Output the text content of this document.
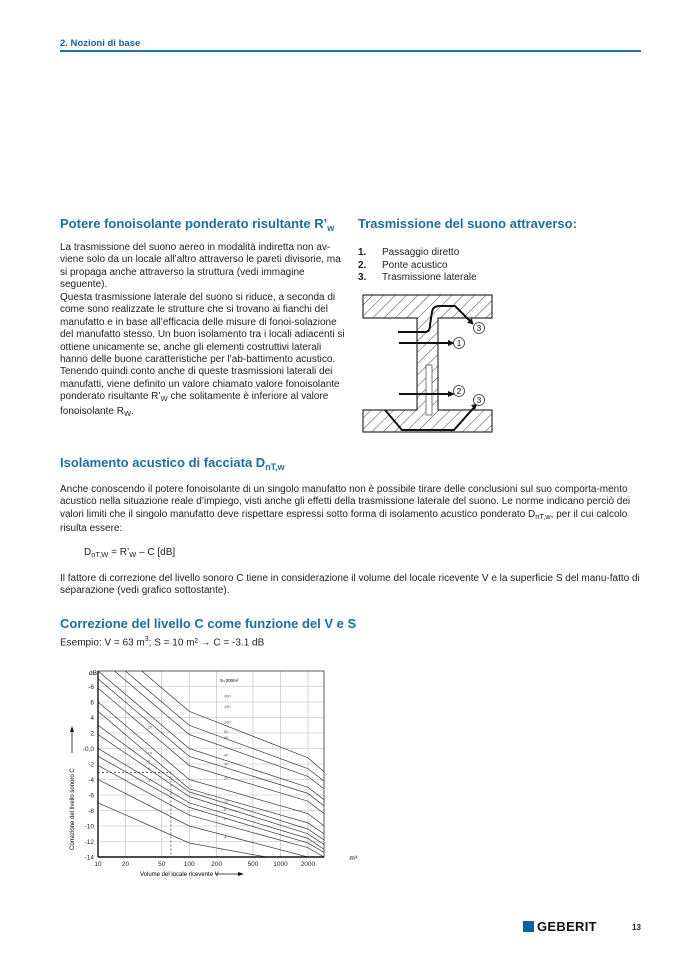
2. Nozioni di base
Potere fonoisolante ponderato risultante $R’_w$

La trasmissione del suono aereo in modalità indiretta non av-viene solo da un locale all’altro attraverso le pareti divisorie, ma si propaga anche attraverso la struttura (vedi immagine seguente).

Questa trasmissione laterale del suono si riduce, a seconda di come sono realizzate le strutture che si trovano ai fianchi del manufatto e in base all’efficacia delle misure di fonoi-solazione del manufatto stesso. Un buon isolamento tra i locali adiacenti si ottiene unicamente se, anche gli elementi costruttivi laterali hanno delle buone caratteristiche per l’ab-battimento acustico. Tenendo quindi conto anche di queste trasmissioni laterali dei manufatti, viene definito un valore chiamato valore fonoisolante ponderato risultante $R’_W$ che solitamente è inferiore al valore fonoisolante $R_W$.

Trasmissione del suono attraverso:
1.	Passaggio diretto
2.	Ponte acustico
3.	Trasmissione laterale
3
1
2
3
Isolamento acustico di facciata $D_{nT,w}$

Anche conoscendo il potere fonoisolante di un singolo manufatto non è possibile tirare delle conclusioni sul suo comporta-mento acustico nella situazione reale d’impiego, visti anche gli effetti della trasmissione laterale del suono. Le norme indicano perciò dei valori limiti che il singolo manufatto deve rispettare espressi sotto forma di isolamento acustico ponderato $D_{nT,w}$, per il cui calcolo risulta essere:

$D_{nT,W}$ = $R’_W$ – C [dB]

Il fattore di correzione del livello sonoro C tiene in considerazione il volume del locale ricevente V e la superficie S del manu-fatto di separazione (vedi grafico sottostante).

Correzione del livello C come funzione del V e S
Esempio: V = 63 $m^3$; S = 10 m² → C = -3.1 dB
300
150
100
80
60
40
30
20
10
8
6
4
20
10
8
6
4
2
2
-6
6
4
2
-0,0
-2
-4
-6
-8
-10
-12
-14
10	20	50	100	200	500 1000 2000
dB
S=300m²
m³
Volume del locale ricevente V
Correzione del livello sonoro C
GEBERIT	13
